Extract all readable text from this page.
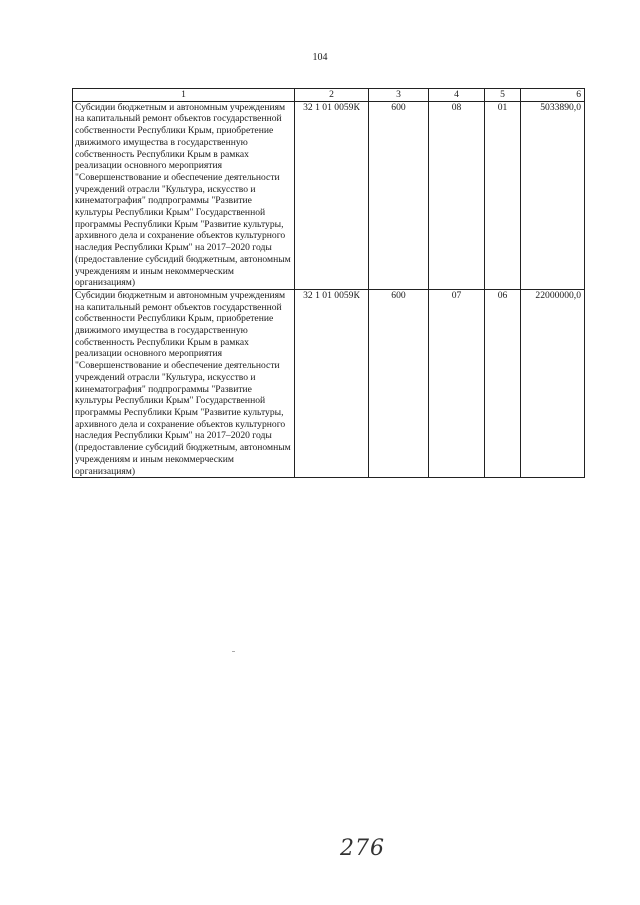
104
1	2	3	4	5	6
Субсидии бюджетным и автономным учреждениям на капитальный ремонт объектов государственной собственности Республики Крым, приобретение движимого имущества в государственную собственность Республики Крым в рамках реализации основного мероприятия "Совершенствование и обеспечение деятельности учреждений отрасли "Культура, искусство и кинематография" подпрограммы "Развитие культуры Республики Крым" Государственной программы Республики Крым "Развитие культуры, архивного дела и сохранение объектов культурного наследия Республики Крым" на 2017–2020 годы (предоставление субсидий бюджетным, автономным учреждениям и иным некоммерческим организациям)	32 1 01 0059К	600	08	01	5033890,0
Субсидии бюджетным и автономным учреждениям на капитальный ремонт объектов государственной собственности Республики Крым, приобретение движимого имущества в государственную собственность Республики Крым в рамках реализации основного мероприятия "Совершенствование и обеспечение деятельности учреждений отрасли "Культура, искусство и кинематография" подпрограммы "Развитие культуры Республики Крым" Государственной программы Республики Крым "Развитие культуры, архивного дела и сохранение объектов культурного наследия Республики Крым" на 2017–2020 годы (предоставление субсидий бюджетным, автономным учреждениям и иным некоммерческим организациям)	32 1 01 0059К	600	07	06	22000000,0
276
